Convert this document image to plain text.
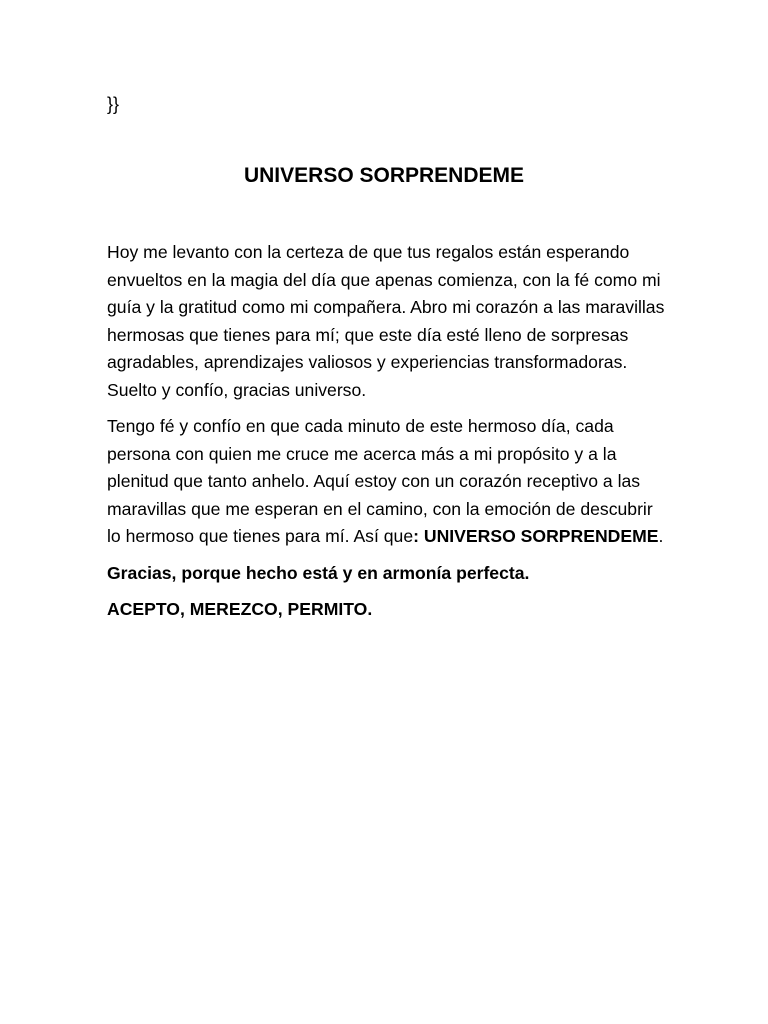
}}
UNIVERSO SORPRENDEME

Hoy me levanto con la certeza de que tus regalos están esperando envueltos en la magia del día que apenas comienza, con la fé como mi guía y la gratitud como mi compañera. Abro mi corazón a las maravillas hermosas que tienes para mí; que este día esté lleno de sorpresas agradables, aprendizajes valiosos y experiencias transformadoras. Suelto y confío, gracias universo.

Tengo fé y confío en que cada minuto de este hermoso día, cada persona con quien me cruce me acerca más a mi propósito y a la plenitud que tanto anhelo. Aquí estoy con un corazón receptivo a las maravillas que me esperan en el camino, con la emoción de descubrir lo hermoso que tienes para mí. Así que: UNIVERSO SORPRENDEME.

Gracias, porque hecho está y en armonía perfecta.

ACEPTO, MEREZCO, PERMITO.
